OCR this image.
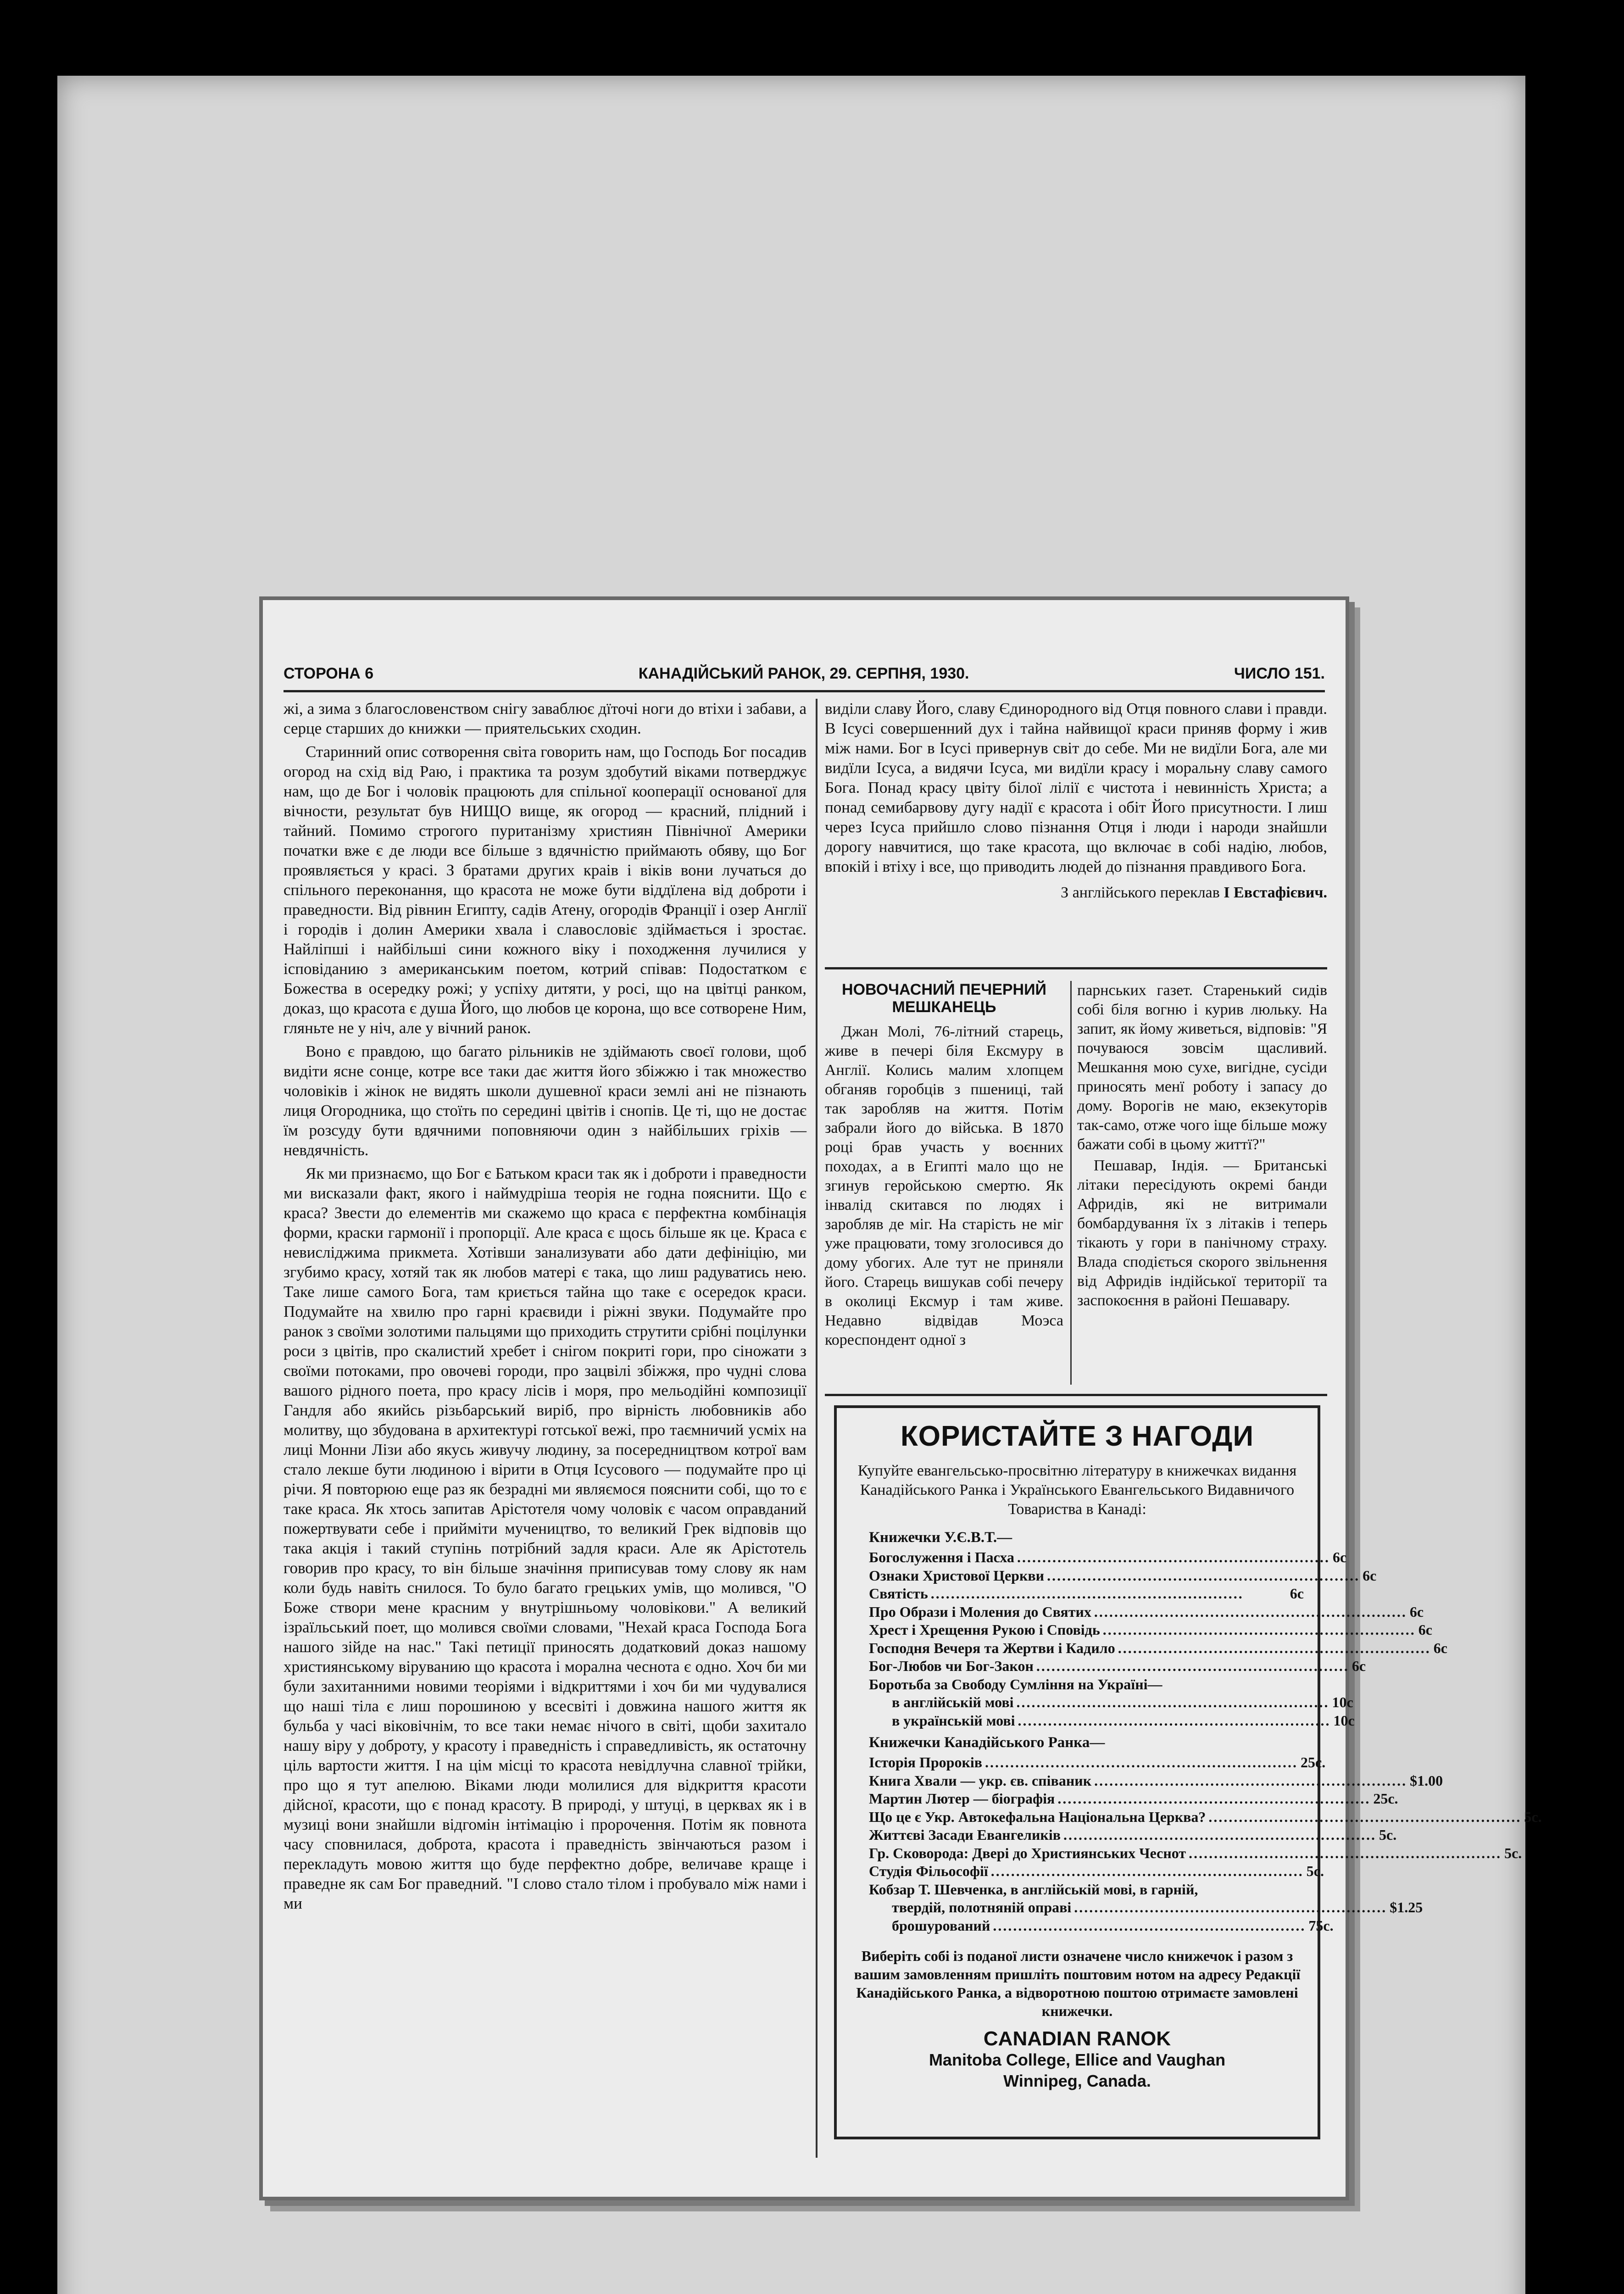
СТОРОНА 6	КАНАДІЙСЬКИЙ РАНОК, 29. СЕРПНЯ, 1930.	ЧИСЛО 151.

жі, а зима з благословенством снігу заваблює дїточі ноги до втіхи і забави, а серце старших до книжки — приятельських сходин.

Старинний опис сотворення світа говорить нам, що Господь Бог посадив огород на схід від Раю, і практика та розум здобутий віками потверджує нам, що де Бог і чоловік працюють для спільної кооперації основаної для вічности, результат був НИЩО вище, як огород — красний, плідний і тайний. Помимо строгого пуританізму християн Північної Америки початки вже є де люди все більше з вдячністю приймають обяву, що Бог проявляється у красі. З братами других краів і віків вони лучаться до спільного переконання, що красота не може бути віддїлена від доброти і праведности. Від рівнин Египту, садів Атену, огородів Франції і озер Англії і городів і долин Америки хвала і славословіє здіймається і зростає. Найліпші і найбільші сини кожного віку і походження лучилися у ісповіданию з американським поетом, котрий співав: Подостатком є Божества в осередку рожі; у успіху дитяти, у росі, що на цвітці ранком, доказ, що красота є душа Його, що любов це корона, що все сотворене Ним, гляньте не у ніч, але у вічний ранок.

Воно є правдою, що багато рільників не здіймають своєї голови, щоб видіти ясне сонце, котре все таки дає життя його збіжжю і так множество чоловіків і жінок не видять школи душевної краси землі ані не пізнають лиця Огородника, що стоїть по середині цвітів і снопів. Це ті, що не достає їм розсуду бути вдячними поповняючи один з найбільших гріхів — невдячність.

Як ми признаємо, що Бог є Батьком краси так як і доброти і праведности ми висказали факт, якого і наймудріша теорія не годна пояснити. Що є краса? Звести до елементів ми скажемо що краса є перфектна комбінація форми, краски гармонії і пропорції. Але краса є щось більше як це. Краса є невисліджима прикмета. Хотівши занализувати або дати дефініцію, ми згубимо красу, хотяй так як любов матері є така, що лиш радуватись нею. Таке лише самого Бога, там криється тайна що таке є осередок краси. Подумайте на хвилю про гарні краєвиди і ріжні звуки. Подумайте про ранок з своїми золотими пальцями що приходить струтити срібні поцілунки роси з цвітів, про скалистий хребет і снігом покриті гори, про сіножати з своїми потоками, про овочеві городи, про зацвілі збіжжя, про чудні слова вашого рідного поета, про красу лісів і моря, про мельодійні композиції Гандля або якийсь різьбарський виріб, про вірність любовників або молитву, що збудована в архитектурі готської вежі, про таємничий усміх на лиці Монни Лізи або якусь живучу людину, за посередництвом котрої вам стало лекше бути людиною і вірити в Отця Ісусового — подумайте про ці річи. Я повторюю еще раз як безрадні ми являємося пояснити собі, що то є таке краса. Як хтось запитав Арістотеля чому чоловік є часом оправданий пожертвувати себе і прийміти мучеництво, то великий Грек відповів що така акція і такий ступінь потрібний задля краси. Але як Арістотель говорив про красу, то він більше значіння приписував тому слову як нам коли будь навіть снилося. То було багато грецьких умів, що молився, "О Боже створи мене красним у внутрішньому чоловікови." А великий ізраїльський поет, що молився своїми словами, "Нехай краса Господа Бога нашого зійде на нас." Такі петиції приносять додатковий доказ нашому християнському віруванию що красота і морална чеснота є одно. Хоч би ми були захитанними новими теоріями і відкриттями і хоч би ми чудувалися що наші тіла є лиш порошиною у всесвіті і довжина нашого життя як бульба у часі віковічнім, то все таки немає нічого в світі, щоби захитало нашу віру у доброту, у красоту і праведність і справедливість, як остаточну ціль вартости життя. І на цім місці то красота невідлучна славної трійки, про що я тут апелюю. Віками люди молилися для відкриття красоти дійсної, красоти, що є понад красоту. В природі, у штуці, в церквах як і в музиці вони знайшли відгомін інтімацію і пророчення. Потім як повнота часу сповнилася, доброта, красота і праведність звінчаються разом і перекладуть мовою життя що буде перфектно добре, величаве краще і праведне як сам Бог праведний. "І слово стало тілом і пробувало між нами і ми

виділи славу Його, славу Єдинородного від Отця повного слави і правди. В Ісусі совершенний дух і тайна найвищої краси приняв форму і жив між нами. Бог в Ісусі привернув світ до себе. Ми не видїли Бога, але ми видїли Ісуса, а видячи Ісуса, ми видїли красу і моральну славу самого Бога. Понад красу цвіту білої лілії є чистота і невинність Христа; а понад семибарвову дугу надії є красота і обіт Його присутности. І лиш через Ісуса прийшло слово пізнання Отця і люди і народи знайшли дорогу навчитися, що таке красота, що включає в собі надію, любов, впокій і втіху і все, що приводить людей до пізнання правдивого Бога.

З англійського переклав І Евстафієвич.

НОВОЧАСНИЙ ПЕЧЕРНИЙ МЕШКАНЕЦЬ

Джан Молі, 76-літний старець, живе в печері біля Ексмуру в Англії. Колись малим хлопцем обганяв горобців з пшениці, тай так заробляв на життя. Потім забрали його до війська. В 1870 році брав участь у воєнних походах, а в Египті мало що не згинув геройською смертю. Як інвалід скитався по людях і заробляв де міг. На старість не міг уже працювати, тому зголосився до дому убогих. Але тут не приняли його. Старець вишукав собі печеру в околиці Ексмур і там живе. Недавно відвідав Моэса кореспондент одної з

парнських газет. Старенький сидів собі біля вогню і курив люльку. На запит, як йому живеться, відповів: "Я почуваюся зовсім щасливий. Мешкання мою сухе, вигідне, сусіди приносять менї роботу і запасу до дому. Ворогів не маю, екзекуторів так-само, отже чого іще більше можу бажати собі в цьому життї?"

Пешавар, Індія. — Британські літаки пересідують окремі банди Афридів, які не витримали бомбардування їх з літаків і теперь тікають у гори в панічному страху. Влада сподіється скорого звільнення від Афридів індійської території та заспокоєння в районі Пешавару.

КОРИСТАЙТЕ З НАГОДИ
Купуйте евангельсько-просвітню літературу в книжечках видання Канадійського Ранка і Українського Евангельського Видавничого Товариства в Канаді:
Книжечки У.Є.В.Т.—
Богослуження і Пасха .............................................................. 6c
Ознаки Христової Церкви .............................................................. 6c
Святість ..............................................................	6c
Про Образи і Моления до Святих .............................................................. 6c
Хрест і Хрещення Рукою і Сповідь .............................................................. 6c
Господня Вечеря та Жертви і Кадило .............................................................. 6c
Бог-Любов чи Бог-Закон .............................................................. 6c
Боротьба за Свободу Сумління на Україні—
в англійській мові .............................................................. 10c
в українській мові .............................................................. 10c
Книжечки Канадійського Ранка—
Історія Пророків .............................................................. 25c.
Книга Хвали — укр. єв. співаник .............................................................. $1.00
Мартин Лютер — біографія .............................................................. 25c.
Що це є Укр. Автокефальна Національна Церква? .............................................................. 5c.
Життєві Засади Евангеликів .............................................................. 5c.
Гр. Сковорода: Двері до Християнських Чеснот .............................................................. 5c.
Студія Фільософії .............................................................. 5c.
Кобзар Т. Шевченка, в англійській мові, в гарній,
твердій, полотняній оправі .............................................................. $1.25
брошурований .............................................................. 75c.
Виберіть собі із поданої листи означене число книжечок і разом з вашим замовленням пришліть поштовим нотом на адресу Редакції Канадійського Ранка, а відворотною поштою отримаєте замовлені книжечки.
CANADIAN RANOK
Manitoba College, Ellice and Vaughan
Winnipeg, Canada.
